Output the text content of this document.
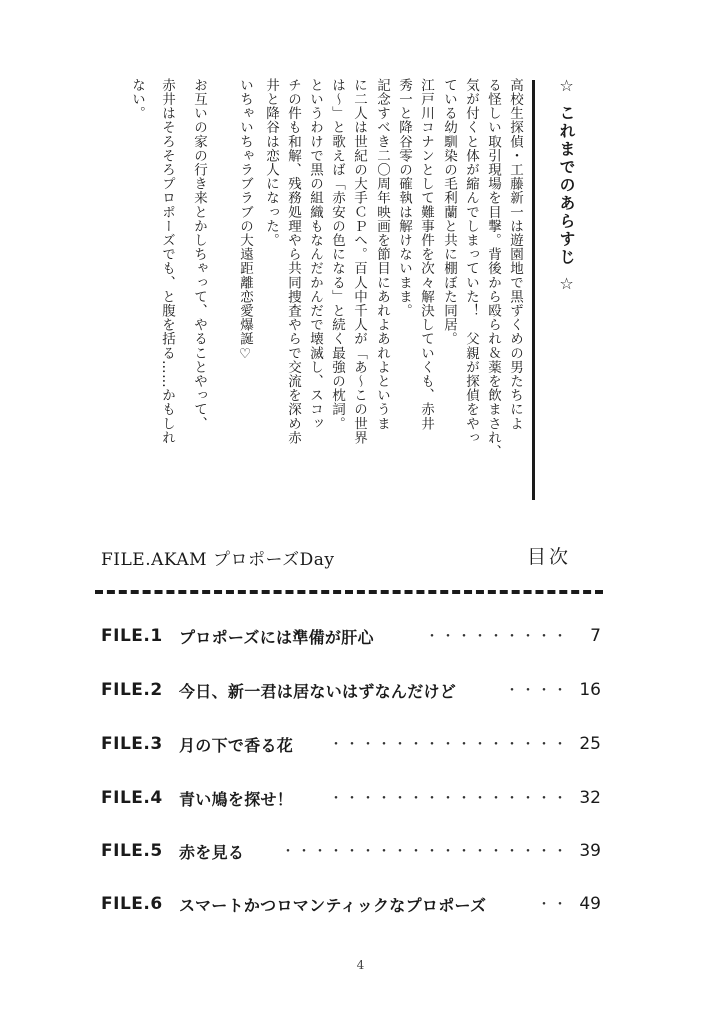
☆ これまでのあらすじ ☆
高校生探偵・工藤新一は遊園地で黒ずくめの男たちによ
る怪しい取引現場を目撃。背後から殴られ＆薬を飲まされ、
気が付くと体が縮んでしまっていた！　父親が探偵をやっ
ている幼馴染の毛利蘭と共に棚ぼた同居。
江戸川コナンとして難事件を次々解決していくも、赤井
秀一と降谷零の確執は解けないまま。
記念すべき二〇周年映画を節目にあれよあれよというま
に二人は世紀の大手ＣＰへ。百人中千人が「あ〜この世界
は〜」と歌えば「赤安の色になる」と続く最強の枕詞。
というわけで黒の組織もなんだかんだで壊滅し、スコッ
チの件も和解、残務処理やら共同捜査やらで交流を深め赤
井と降谷は恋人になった。
いちゃいちゃラブラブの大遠距離恋愛爆誕♡
お互いの家の行き来とかしちゃって、やることやって、
赤井はそろそろプロポーズでも、と腹を括る……かもしれ
ない。
FILE.AKAM プロポーズDay	目次
FILE.1	プロポーズには準備が肝心	・・・・・・・・・	7
FILE.2	今日、新一君は居ないはずなんだけど	・・・・ 16
FILE.3	月の下で香る花	・・・・・・・・・・・・・・・ 25
FILE.4	青い鳩を探せ！	・・・・・・・・・・・・・・・ 32
FILE.5	赤を見る	・・・・・・・・・・・・・・・・・・ 39
FILE.6	スマートかつロマンティックなプロポーズ	・・ 49
4
